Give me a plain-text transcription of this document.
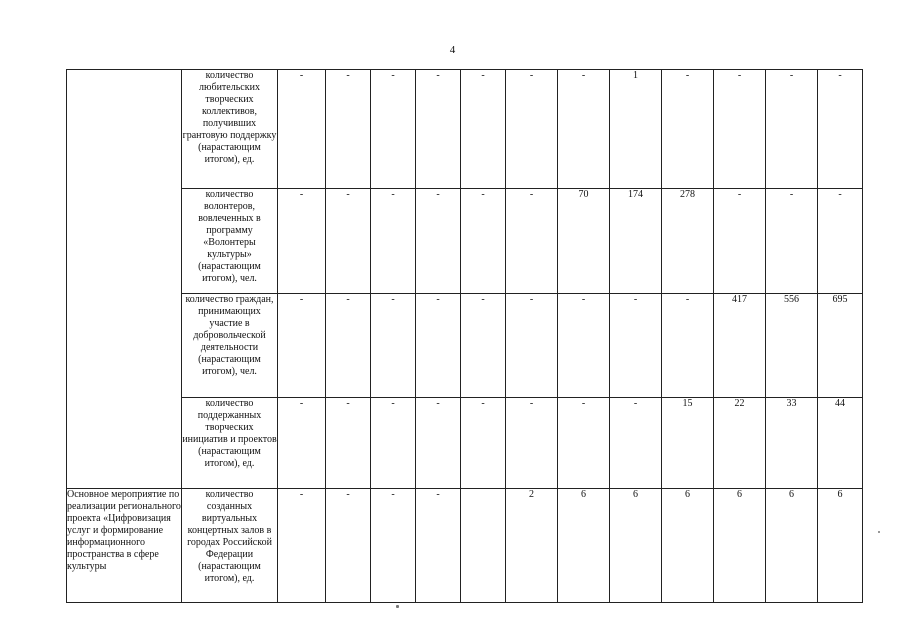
4
	количество любительских творческих коллективов, получивших грантовую поддержку (нарастающим итогом), ед.	-	-	-	-	-	-	-	1	-	-	-	-
	количество волонтеров, вовлеченных в программу «Волонтеры культуры» (нарастающим итогом), чел.	-	-	-	-	-	-	70	174	278	-	-	-
	количество граждан, принимающих участие в добровольческой деятельности (нарастающим итогом), чел.	-	-	-	-	-	-	-	-	-	417	556	695
	количество поддержанных творческих инициатив и проектов (нарастающим итогом), ед.	-	-	-	-	-	-	-	-	15	22	33	44
Основное мероприятие по реализации регионального проекта «Цифровизация услуг и формирование информационного пространства в сфере культуры	количество созданных виртуальных концертных залов в городах Российской Федерации (нарастающим итогом), ед.	-	-	-	-		2	6	6	6	6	6	6
